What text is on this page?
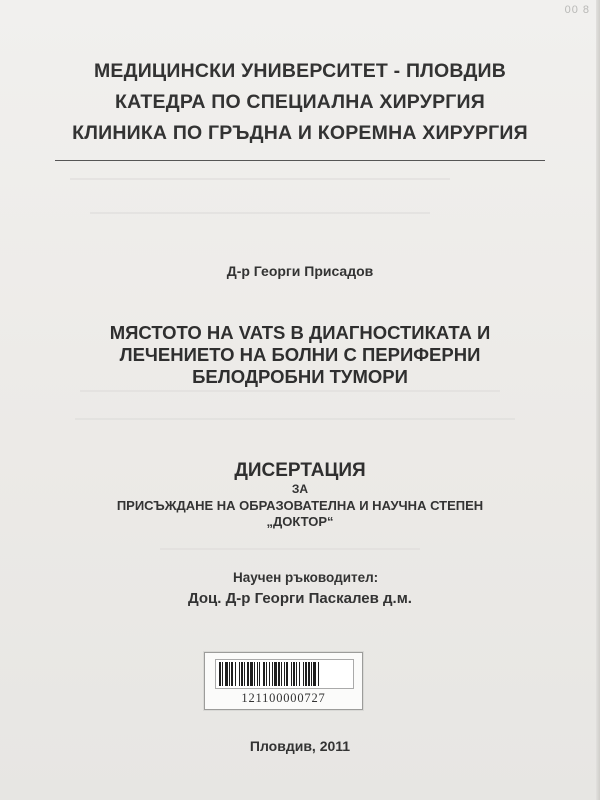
00 8
МЕДИЦИНСКИ УНИВЕРСИТЕТ - ПЛОВДИВ
КАТЕДРА ПО СПЕЦИАЛНА ХИРУРГИЯ
КЛИНИКА ПО ГРЪДНА И КОРЕМНА ХИРУРГИЯ
Д-р Георги Присадов
МЯСТОТО НА VATS В ДИАГНОСТИКАТА И
ЛЕЧЕНИЕТО НА БОЛНИ С ПЕРИФЕРНИ
БЕЛОДРОБНИ ТУМОРИ
ДИСЕРТАЦИЯ
ЗА
ПРИСЪЖДАНЕ НА ОБРАЗОВАТЕЛНА И НАУЧНА СТЕПЕН
„ДОКТОР“
Научен ръководител:
Доц. Д-р Георги Паскалев д.м.
121100000727
Пловдив, 2011
